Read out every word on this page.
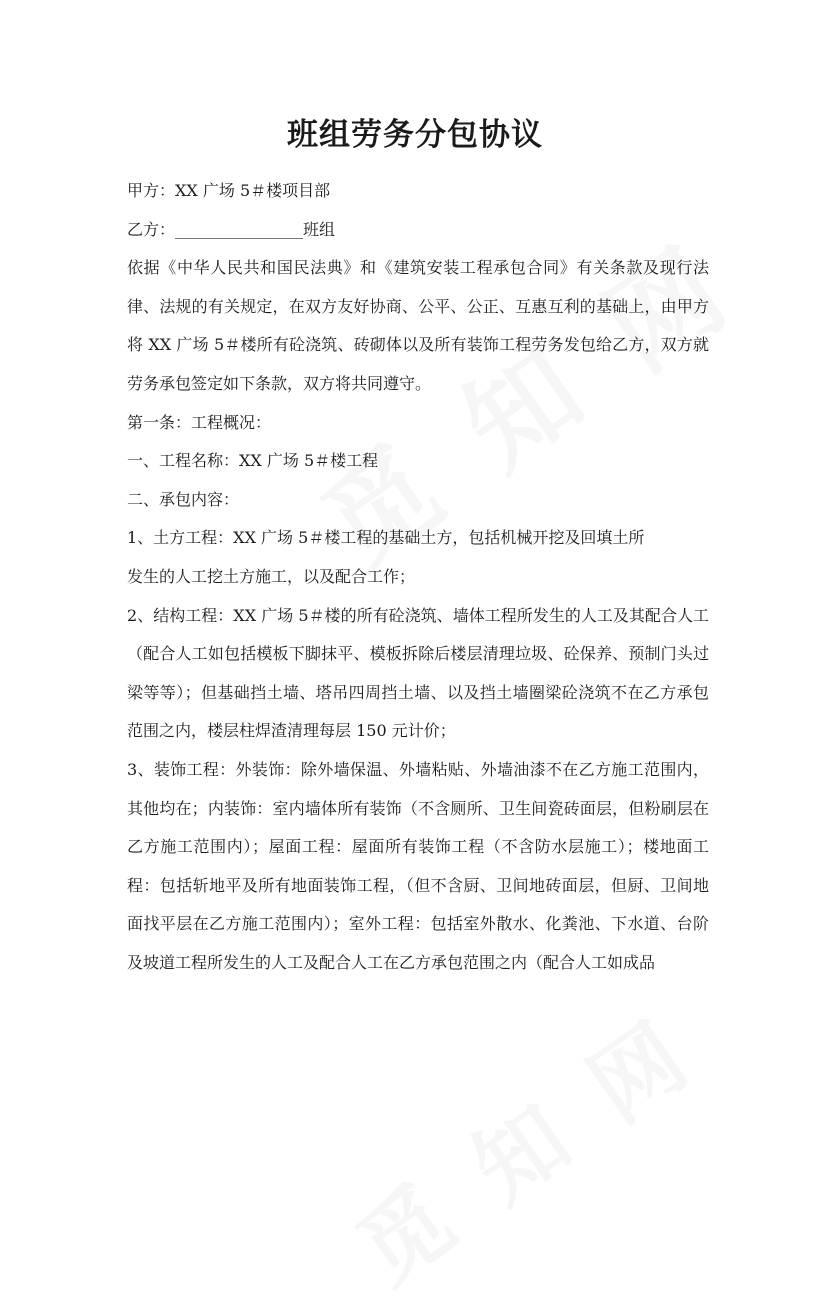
班组劳务分包协议

甲方：XX 广场 5＃楼项目部

乙方：________________班组

依据《中华人民共和国民法典》和《建筑安装工程承包合同》有关条款及现行法律、法规的有关规定，在双方友好协商、公平、公正、互惠互利的基础上，由甲方将 XX 广场 5＃楼所有砼浇筑、砖砌体以及所有装饰工程劳务发包给乙方，双方就劳务承包签定如下条款，双方将共同遵守。

第一条：工程概况：

一、工程名称：XX 广场 5＃楼工程

二、承包内容：

1、土方工程：XX 广场 5＃楼工程的基础土方，包括机械开挖及回填土所

发生的人工挖土方施工，以及配合工作；

2、结构工程：XX 广场 5＃楼的所有砼浇筑、墙体工程所发生的人工及其配合人工（配合人工如包括模板下脚抹平、模板拆除后楼层清理垃圾、砼保养、预制门头过梁等等）；但基础挡土墙、塔吊四周挡土墙、以及挡土墙圈梁砼浇筑不在乙方承包范围之内，楼层柱焊渣清理每层 150 元计价；

3、装饰工程：外装饰：除外墙保温、外墙粘贴、外墙油漆不在乙方施工范围内，其他均在；内装饰：室内墙体所有装饰（不含厕所、卫生间瓷砖面层，但粉刷层在乙方施工范围内）；屋面工程：屋面所有装饰工程（不含防水层施工）；楼地面工程：包括斩地平及所有地面装饰工程，（但不含厨、卫间地砖面层，但厨、卫间地面找平层在乙方施工范围内）；室外工程：包括室外散水、化粪池、下水道、台阶及坡道工程所发生的人工及配合人工在乙方承包范围之内（配合人工如成品
